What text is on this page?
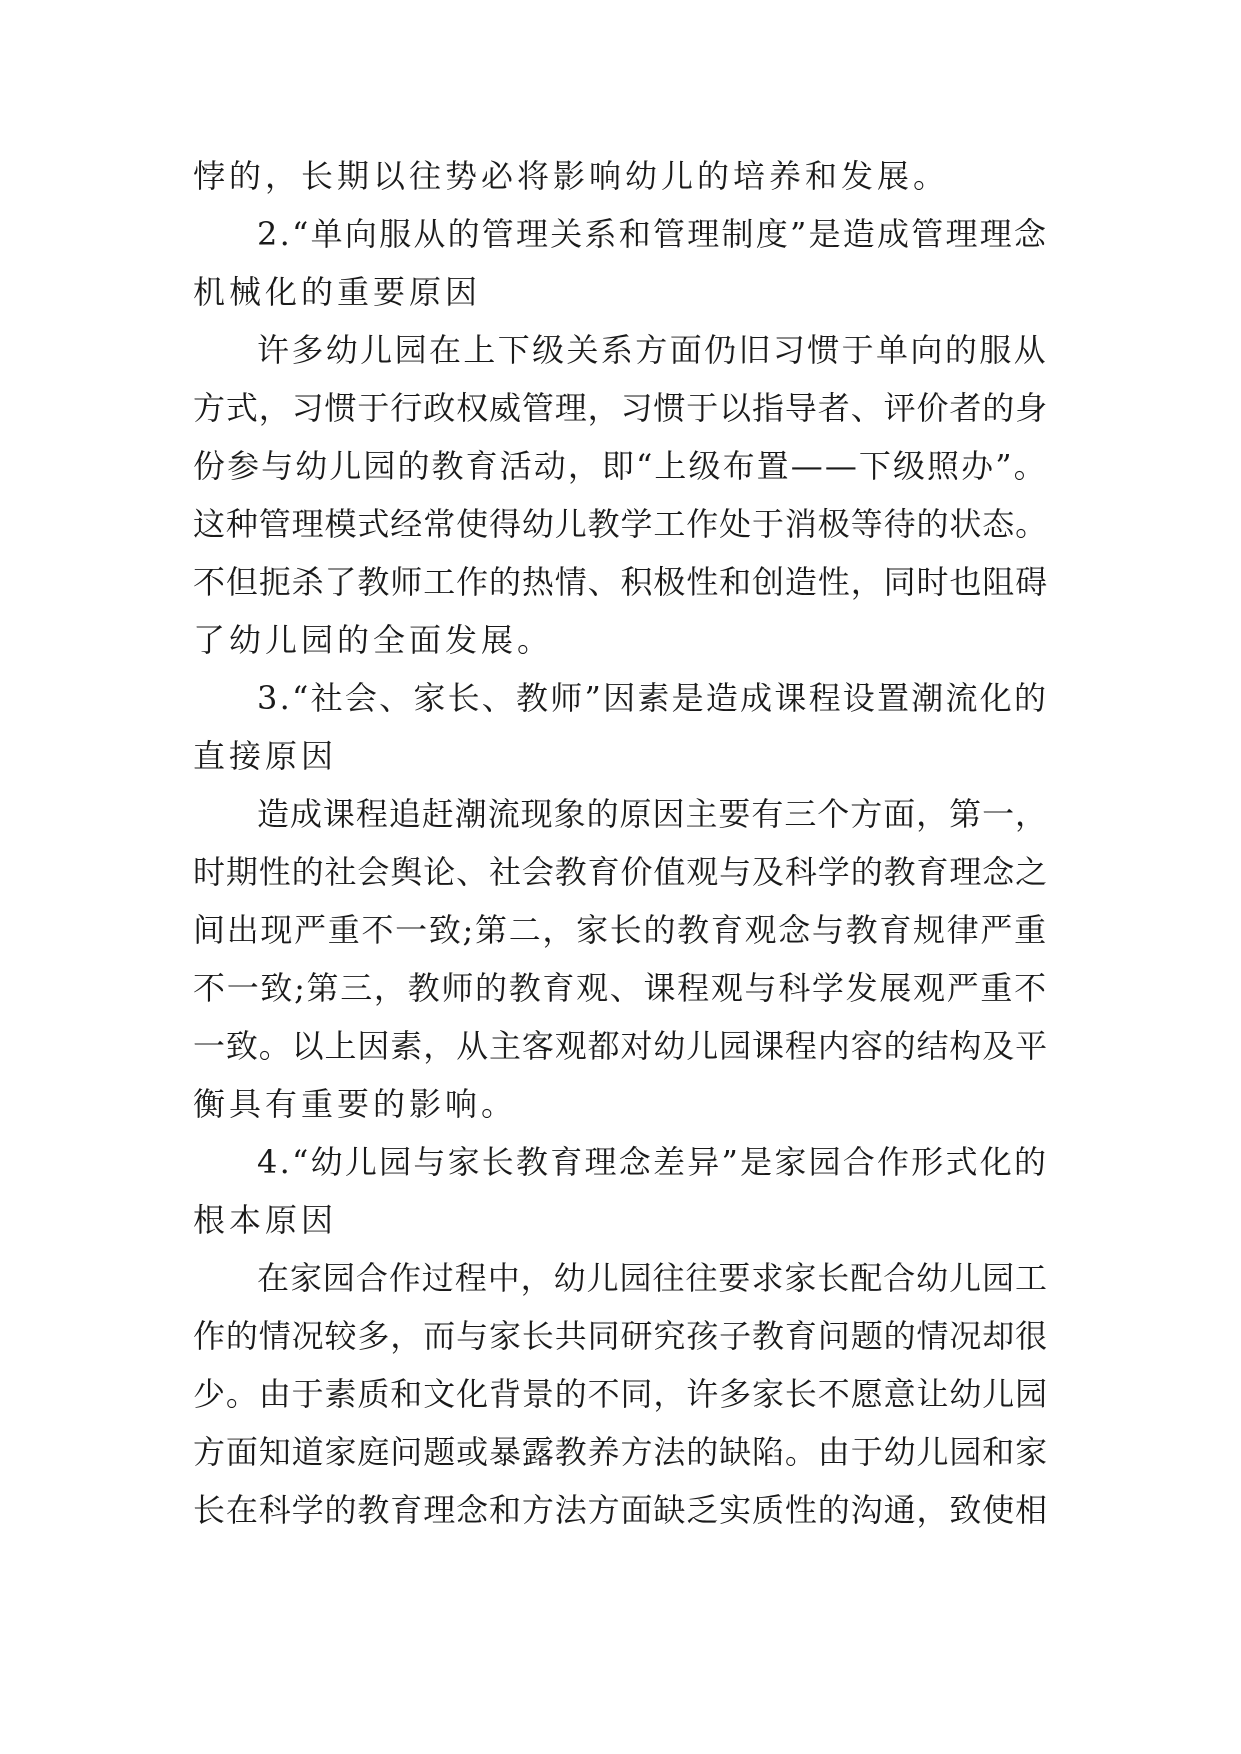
悖的，长期以往势必将影响幼儿的培养和发展。
2.“单向服从的管理关系和管理制度”是造成管理理念
机械化的重要原因
许多幼儿园在上下级关系方面仍旧习惯于单向的服从
方式，习惯于行政权威管理，习惯于以指导者、评价者的身
份参与幼儿园的教育活动，即“上级布置——下级照办”。
这种管理模式经常使得幼儿教学工作处于消极等待的状态。
不但扼杀了教师工作的热情、积极性和创造性，同时也阻碍
了幼儿园的全面发展。
3.“社会、家长、教师”因素是造成课程设置潮流化的
直接原因
造成课程追赶潮流现象的原因主要有三个方面，第一，
时期性的社会舆论、社会教育价值观与及科学的教育理念之
间出现严重不一致;第二，家长的教育观念与教育规律严重
不一致;第三，教师的教育观、课程观与科学发展观严重不
一致。以上因素，从主客观都对幼儿园课程内容的结构及平
衡具有重要的影响。
4.“幼儿园与家长教育理念差异”是家园合作形式化的
根本原因
在家园合作过程中，幼儿园往往要求家长配合幼儿园工
作的情况较多，而与家长共同研究孩子教育问题的情况却很
少。由于素质和文化背景的不同，许多家长不愿意让幼儿园
方面知道家庭问题或暴露教养方法的缺陷。由于幼儿园和家
长在科学的教育理念和方法方面缺乏实质性的沟通，致使相
